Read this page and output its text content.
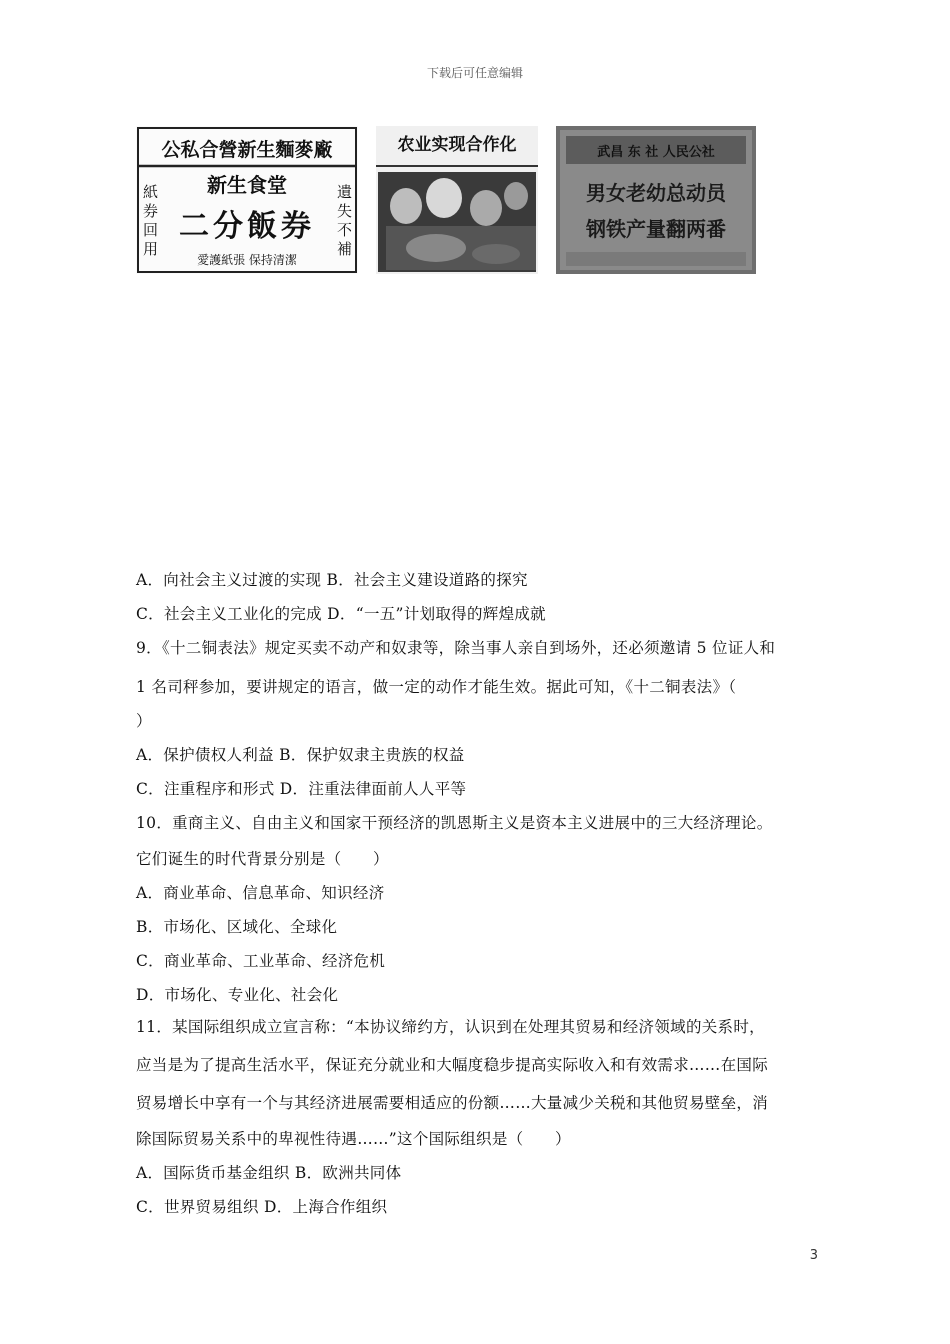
下载后可任意编辑
公私合營新生麵麥廠
新生食堂
二分飯券
紙券回用	遺失不補
愛護紙張 保持清潔
农业实现合作化	武昌 东 社 人民公社
男女老幼总动员
钢铁产量翻两番
A．向社会主义过渡的实现 B．社会主义建设道路的探究
C．社会主义工业化的完成 D．“一五”计划取得的辉煌成就
9．《十二铜表法》规定买卖不动产和奴隶等，除当事人亲自到场外，还必须邀请 5 位证人和
1 名司秤参加，要讲规定的语言，做一定的动作才能生效。据此可知，《十二铜表法》（
）
A．保护债权人利益 B．保护奴隶主贵族的权益
C．注重程序和形式 D．注重法律面前人人平等
10．重商主义、自由主义和国家干预经济的凯恩斯主义是资本主义进展中的三大经济理论。
它们诞生的时代背景分别是（　　）
A．商业革命、信息革命、知识经济
B．市场化、区域化、全球化
C．商业革命、工业革命、经济危机
D．市场化、专业化、社会化
11．某国际组织成立宣言称：“本协议缔约方，认识到在处理其贸易和经济领域的关系时，
应当是为了提高生活水平，保证充分就业和大幅度稳步提高实际收入和有效需求……在国际
贸易增长中享有一个与其经济进展需要相适应的份额……大量减少关税和其他贸易壁垒，消
除国际贸易关系中的卑视性待遇……”这个国际组织是（　　）
A．国际货币基金组织 B．欧洲共同体
C．世界贸易组织 D．上海合作组织
3
